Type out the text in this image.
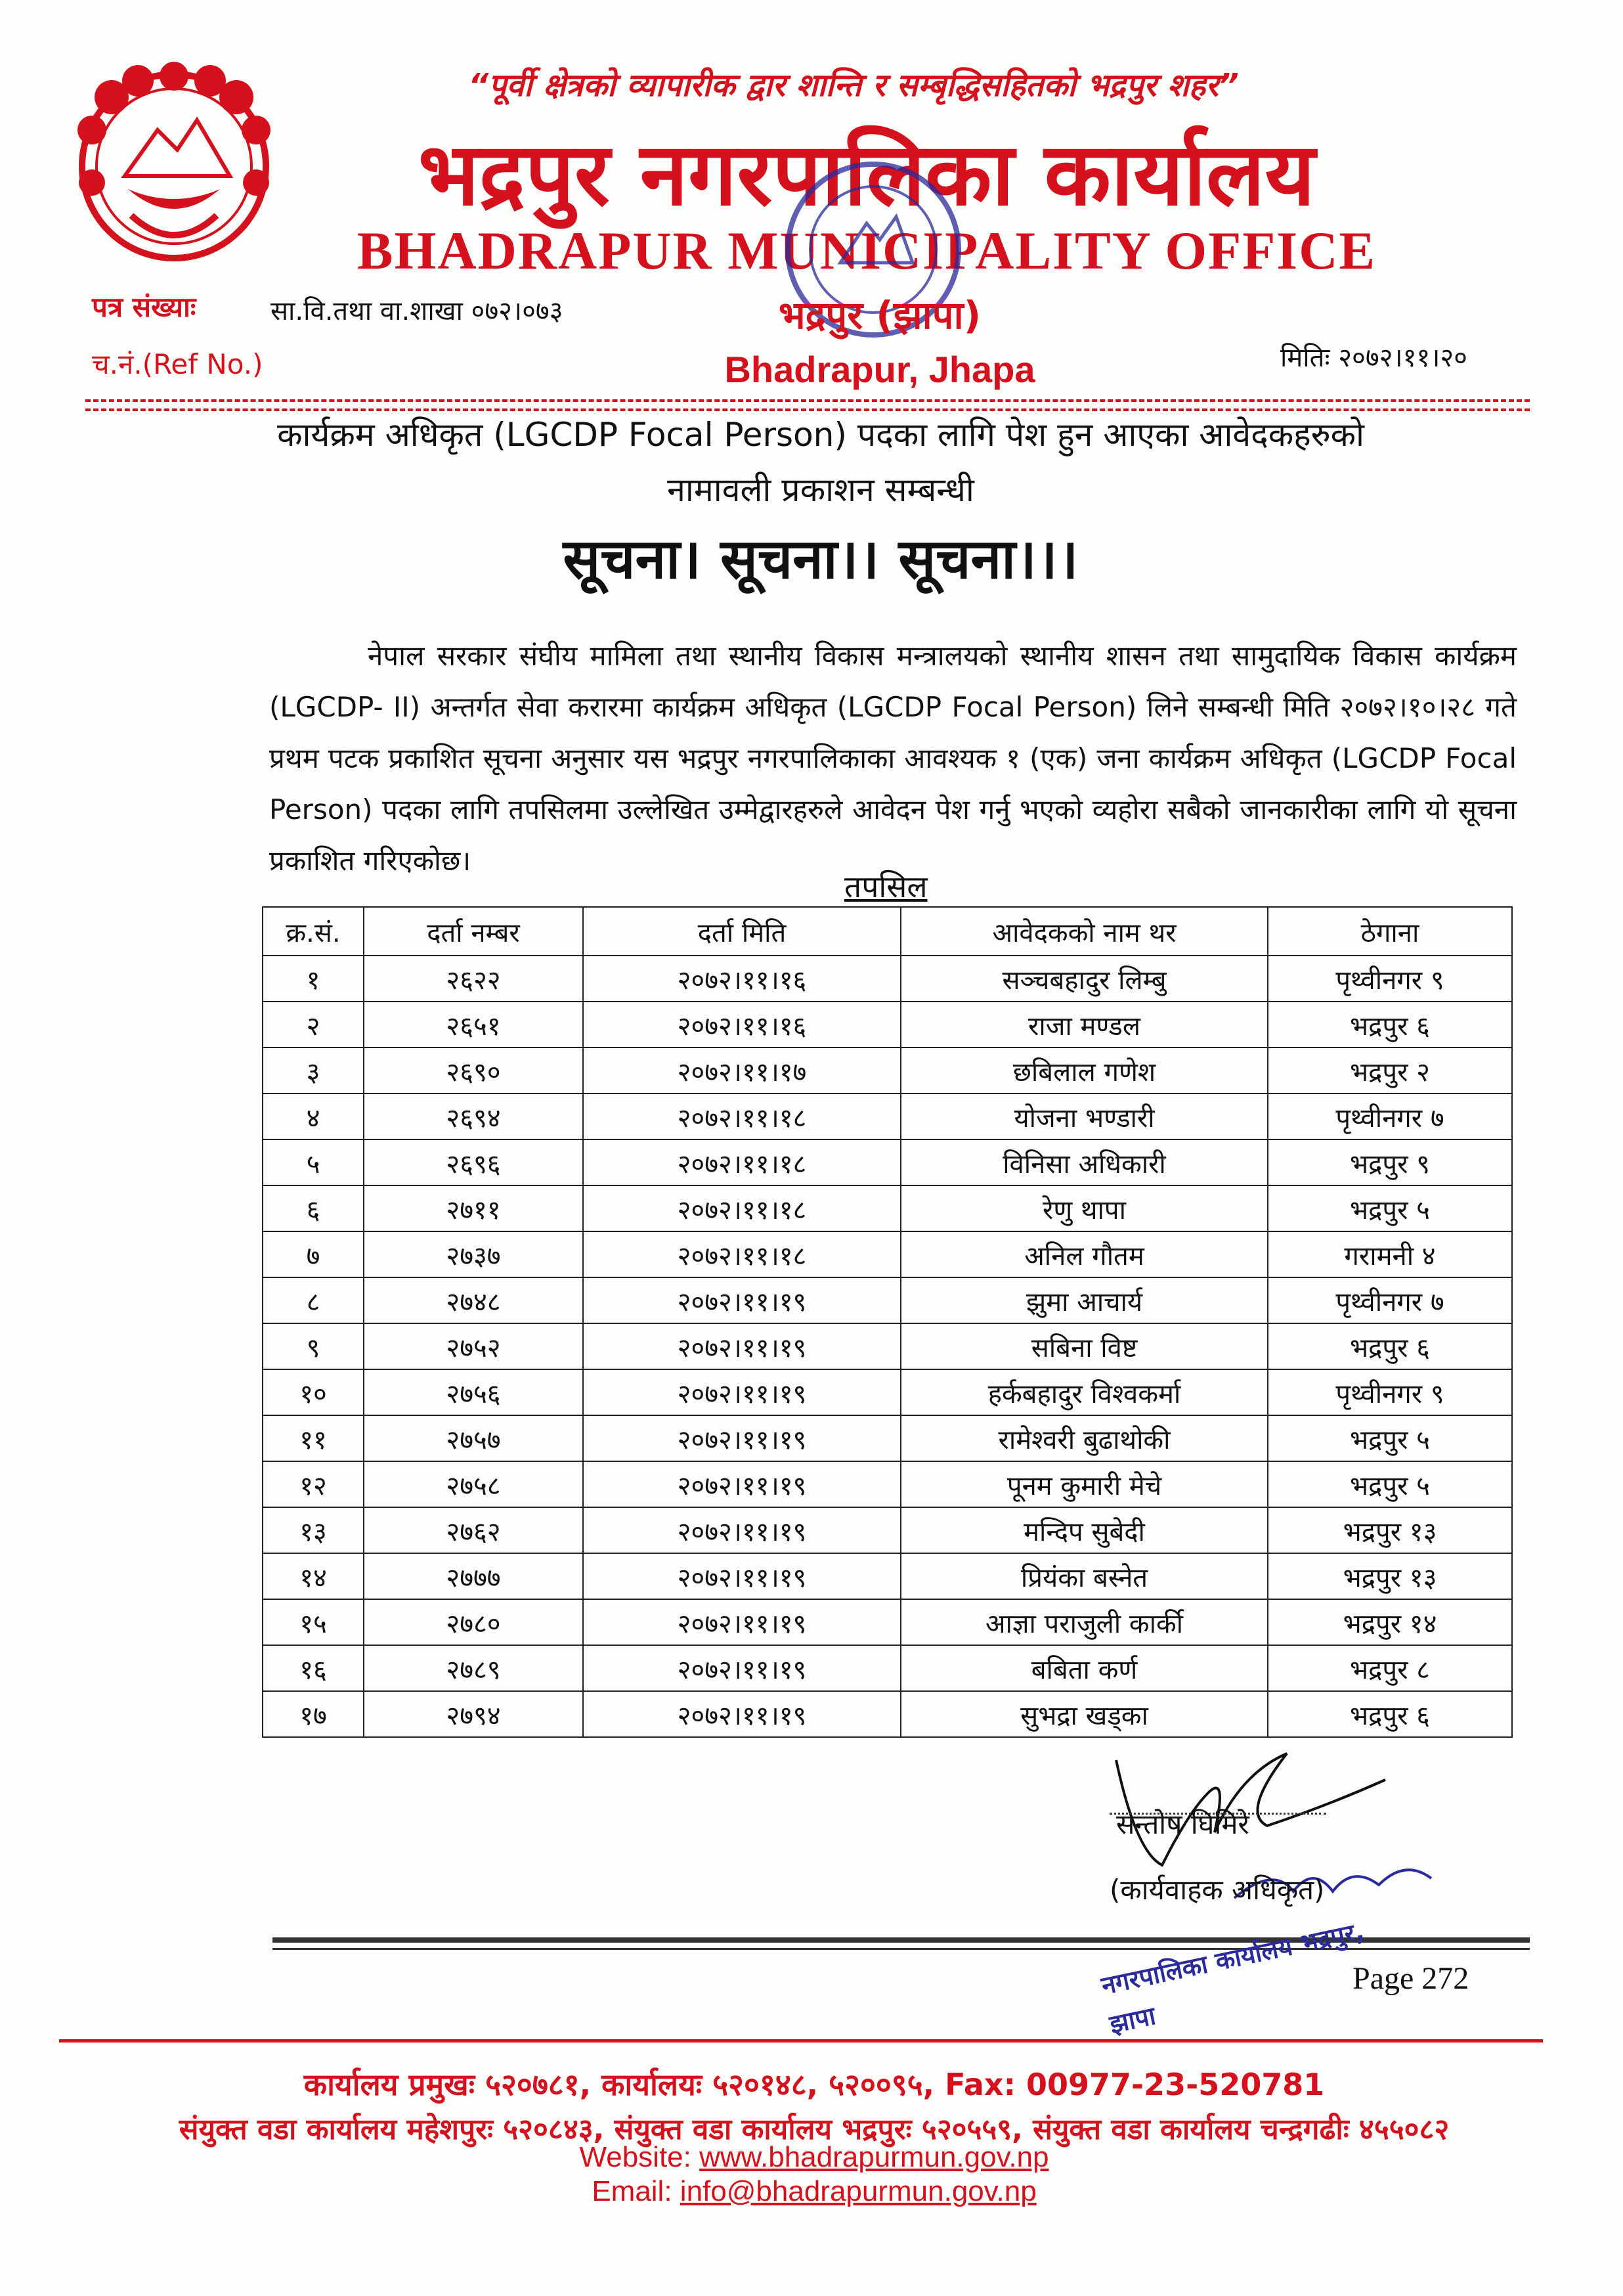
“पूर्वी क्षेत्रको व्यापारीक द्वार शान्ति र सम्बृद्धिसहितको भद्रपुर शहर”
भद्रपुर नगरपालिका कार्यालय
BHADRAPUR MUNICIPALITY OFFICE
भद्रपुर (झापा)
Bhadrapur, Jhapa
पत्र संख्याः	सा.वि.तथा वा.शाखा ०७२।०७३
च.नं.(Ref No.)	मितिः २०७२।११।२०
कार्यक्रम अधिकृत (LGCDP Focal Person) पदका लागि पेश हुन आएका आवेदकहरुको
नामावली प्रकाशन सम्बन्धी
सूचना। सूचना।। सूचना।।।
नेपाल सरकार संघीय मामिला तथा स्थानीय विकास मन्त्रालयको स्थानीय शासन तथा सामुदायिक विकास कार्यक्रम (LGCDP- II) अन्तर्गत सेवा करारमा कार्यक्रम अधिकृत (LGCDP Focal Person) लिने सम्बन्धी मिति २०७२।१०।२८ गते प्रथम पटक प्रकाशित सूचना अनुसार यस भद्रपुर नगरपालिकाका आवश्यक १ (एक) जना कार्यक्रम अधिकृत (LGCDP Focal Person) पदका लागि तपसिलमा उल्लेखित उम्मेद्वारहरुले आवेदन पेश गर्नु भएको व्यहोरा सबैको जानकारीका लागि यो सूचना प्रकाशित गरिएकोछ।
तपसिल
क्र.सं.	दर्ता नम्बर	दर्ता मिति	आवेदकको नाम थर	ठेगाना
१	२६२२	२०७२।११।१६	सञ्चबहादुर लिम्बु	पृथ्वीनगर ९
२	२६५१	२०७२।११।१६	राजा मण्डल	भद्रपुर ६
३	२६९०	२०७२।११।१७	छबिलाल गणेश	भद्रपुर २
४	२६९४	२०७२।११।१८	योजना भण्डारी	पृथ्वीनगर ७
५	२६९६	२०७२।११।१८	विनिसा अधिकारी	भद्रपुर ९
६	२७११	२०७२।११।१८	रेणु थापा	भद्रपुर ५
७	२७३७	२०७२।११।१८	अनिल गौतम	गरामनी ४
८	२७४८	२०७२।११।१९	झुमा आचार्य	पृथ्वीनगर ७
९	२७५२	२०७२।११।१९	सबिना विष्ट	भद्रपुर ६
१०	२७५६	२०७२।११।१९	हर्कबहादुर विश्वकर्मा	पृथ्वीनगर ९
११	२७५७	२०७२।११।१९	रामेश्वरी बुढाथोकी	भद्रपुर ५
१२	२७५८	२०७२।११।१९	पूनम कुमारी मेचे	भद्रपुर ५
१३	२७६२	२०७२।११।१९	मन्दिप सुबेदी	भद्रपुर १३
१४	२७७७	२०७२।११।१९	प्रियंका बस्नेत	भद्रपुर १३
१५	२७८०	२०७२।११।१९	आज्ञा पराजुली कार्की	भद्रपुर १४
१६	२७८९	२०७२।११।१९	बबिता कर्ण	भद्रपुर ८
१७	२७९४	२०७२।११।१९	सुभद्रा खड्का	भद्रपुर ६
सन्तोष घिमिरे
(कार्यवाहक अधिकृत)
नगरपालिका कार्यालय भद्रपुर, झापा
Page 272
कार्यालय प्रमुखः ५२०७८१, कार्यालयः ५२०१४८, ५२००९५, Fax: 00977-23-520781
संयुक्त वडा कार्यालय महेशपुरः ५२०८४३, संयुक्त वडा कार्यालय भद्रपुरः ५२०५५९, संयुक्त वडा कार्यालय चन्द्रगढीः ४५५०८२
Website: www.bhadrapurmun.gov.np
Email: info@bhadrapurmun.gov.np
